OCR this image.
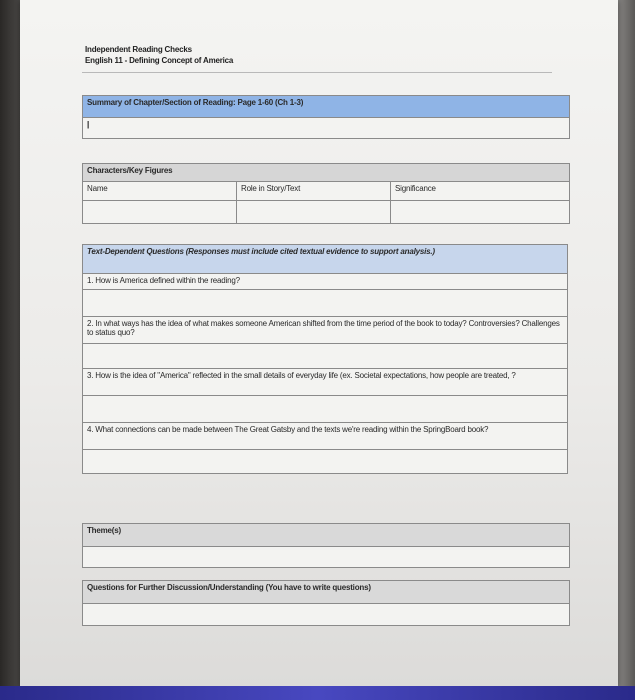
Independent Reading Checks
English 11 - Defining Concept of America
Summary of Chapter/Section of Reading: Page 1-60 (Ch 1-3)
|
Characters/Key Figures		
Name	Role in Story/Text	Significance

Text-Dependent Questions (Responses must include cited textual evidence to support analysis.)
1. How is America defined within the reading?

2. In what ways has the idea of what makes someone American shifted from the time period of the book to today? Controversies? Challenges to status quo?

3. How is the idea of "America" reflected in the small details of everyday life (ex. Societal expectations, how people are treated, ?

4. What connections can be made between The Great Gatsby and the texts we're reading within the SpringBoard book?

Theme(s)

Questions for Further Discussion/Understanding (You have to write questions)
